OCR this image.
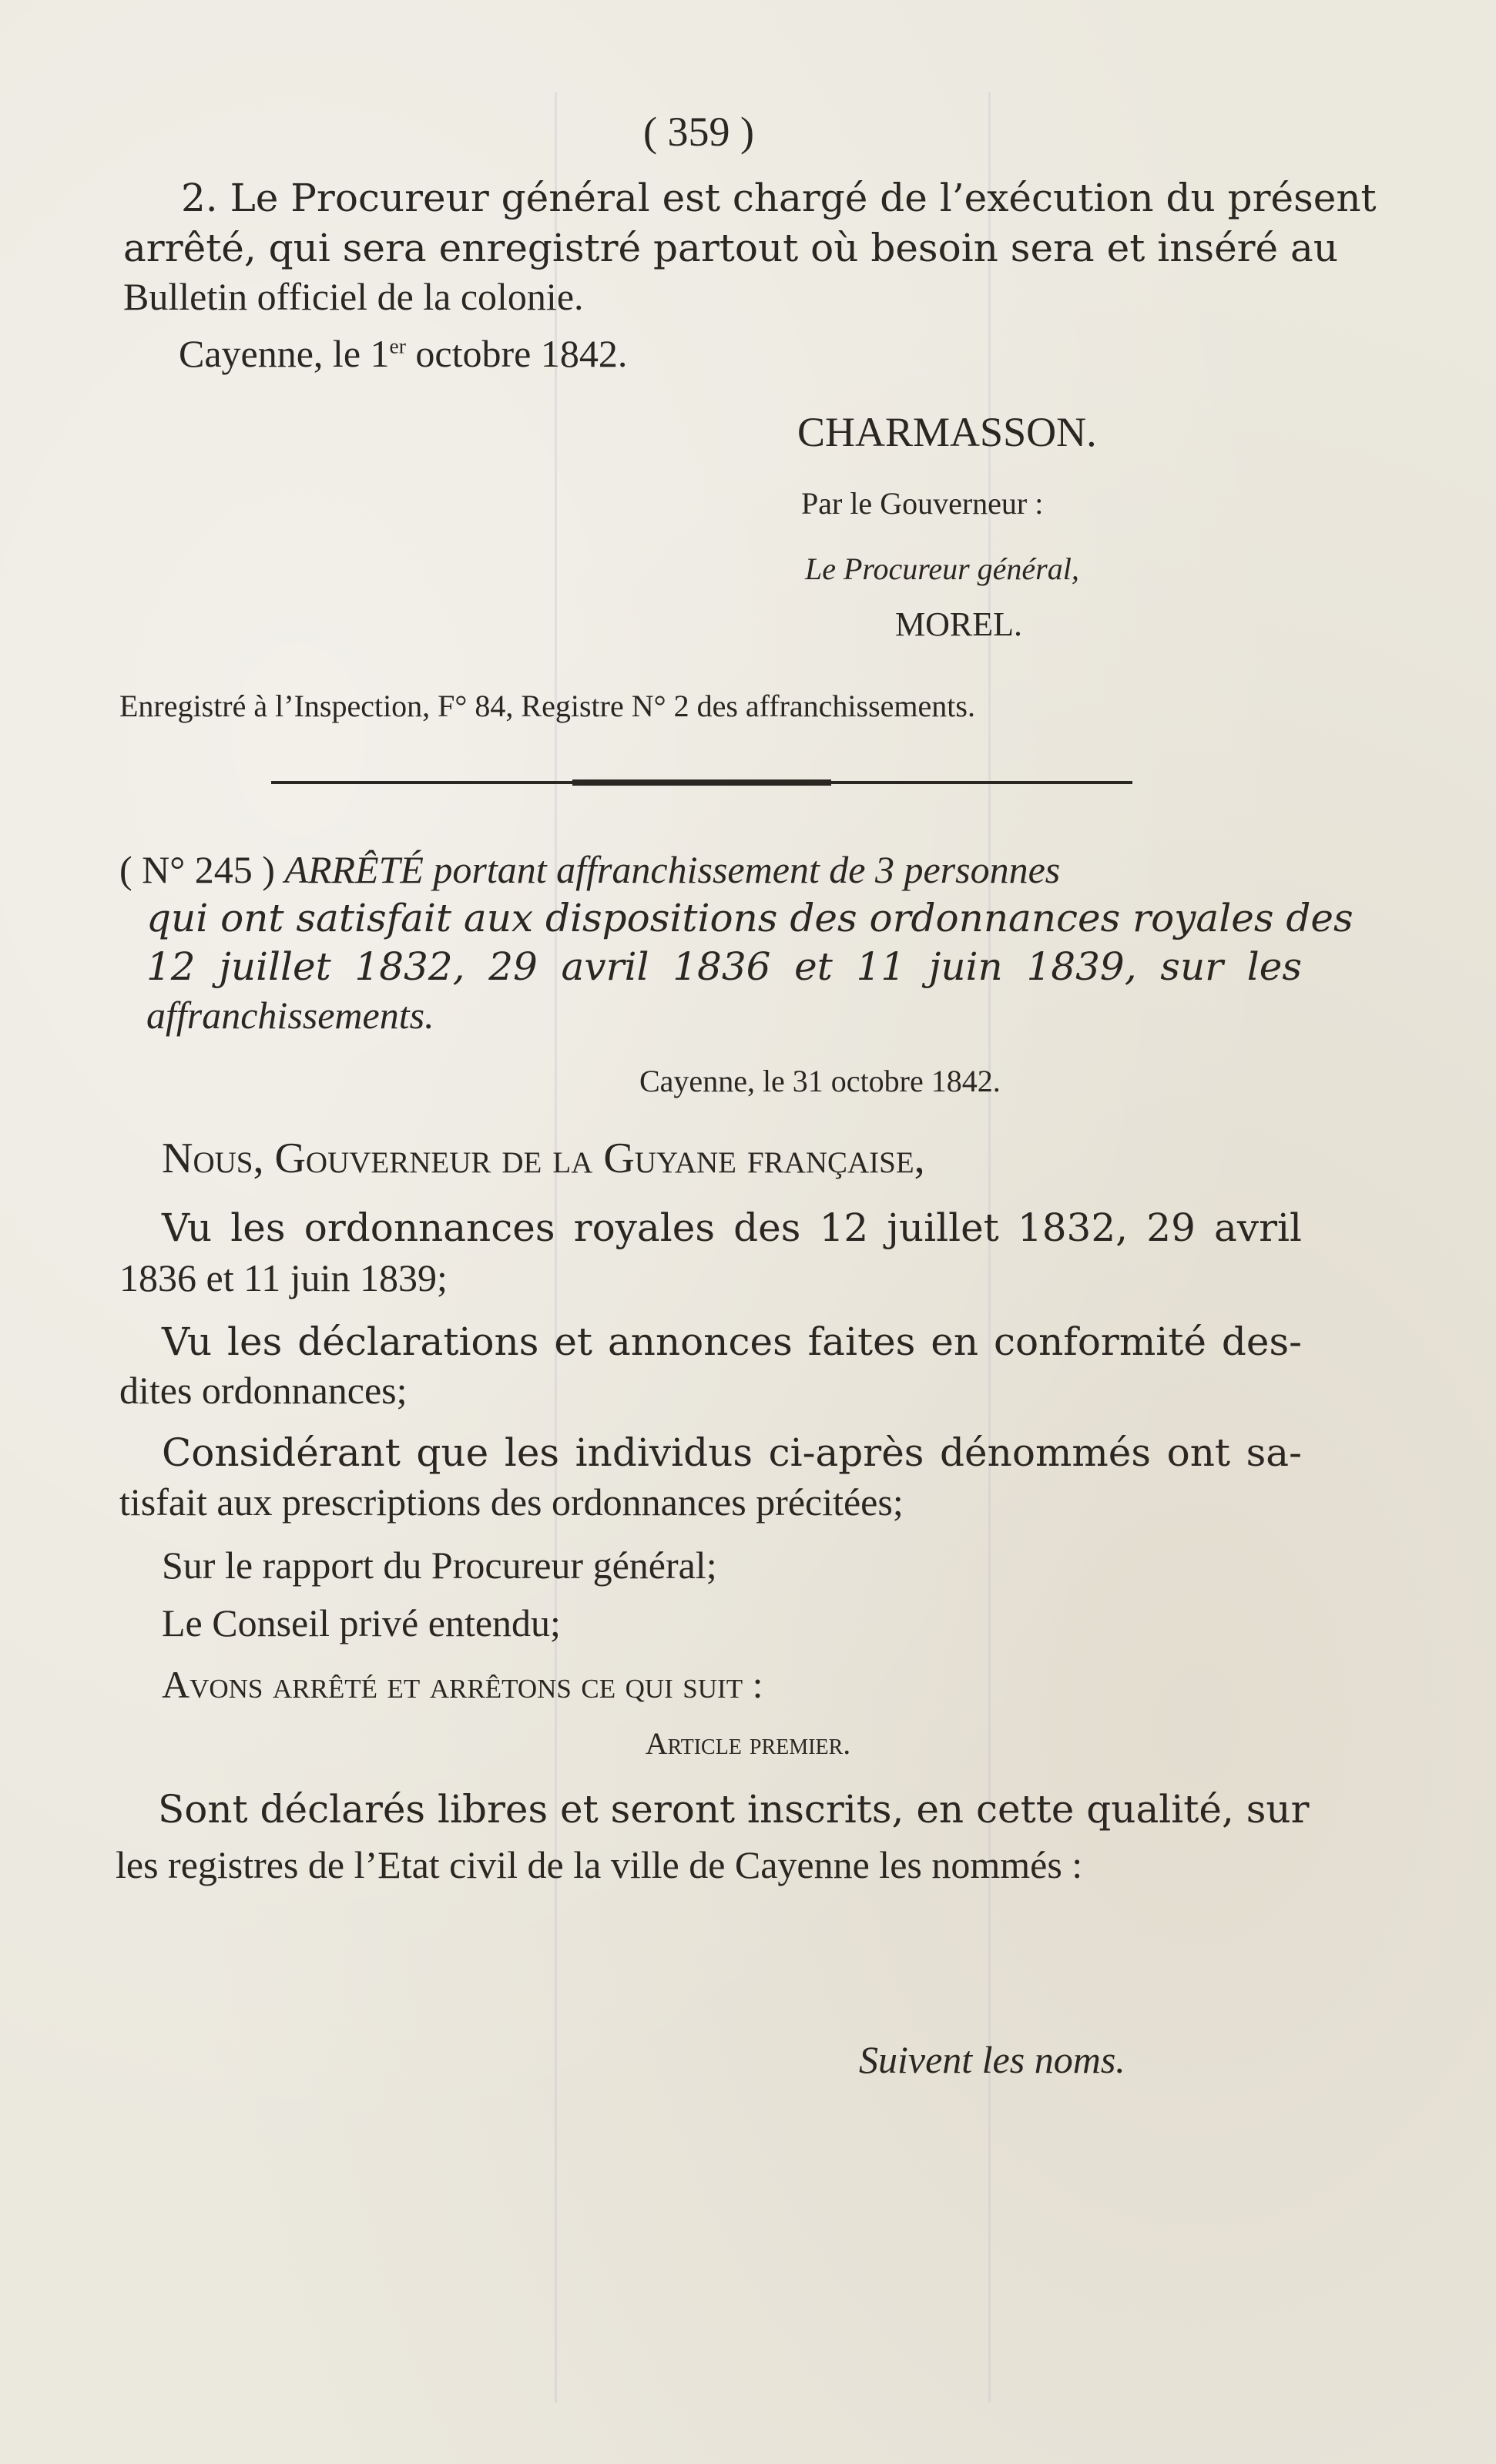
( 359 )
2. Le Procureur général est chargé de l’exécution du présent
arrêté, qui sera enregistré partout où besoin sera et inséré au
Bulletin officiel de la colonie.
Cayenne, le 1er octobre 1842.
CHARMASSON.
Par le Gouverneur :
Le Procureur général,
MOREL.
Enregistré à l’Inspection, F° 84, Registre N° 2 des affranchissements.
( N° 245 ) ARRÊTÉ portant affranchissement de 3 personnes
qui ont satisfait aux dispositions des ordonnances royales des
12 juillet 1832, 29 avril 1836 et 11 juin 1839, sur les
affranchissements.
Cayenne, le 31 octobre 1842.
Nous, Gouverneur de la Guyane française,
Vu les ordonnances royales des 12 juillet 1832, 29 avril
1836 et 11 juin 1839;
Vu les déclarations et annonces faites en conformité des-
dites ordonnances;
Considérant que les individus ci-après dénommés ont sa-
tisfait aux prescriptions des ordonnances précitées;
Sur le rapport du Procureur général;
Le Conseil privé entendu;
Avons arrêté et arrêtons ce qui suit :
Article premier.
Sont déclarés libres et seront inscrits, en cette qualité, sur
les registres de l’Etat civil de la ville de Cayenne les nommés :
Suivent les noms.
